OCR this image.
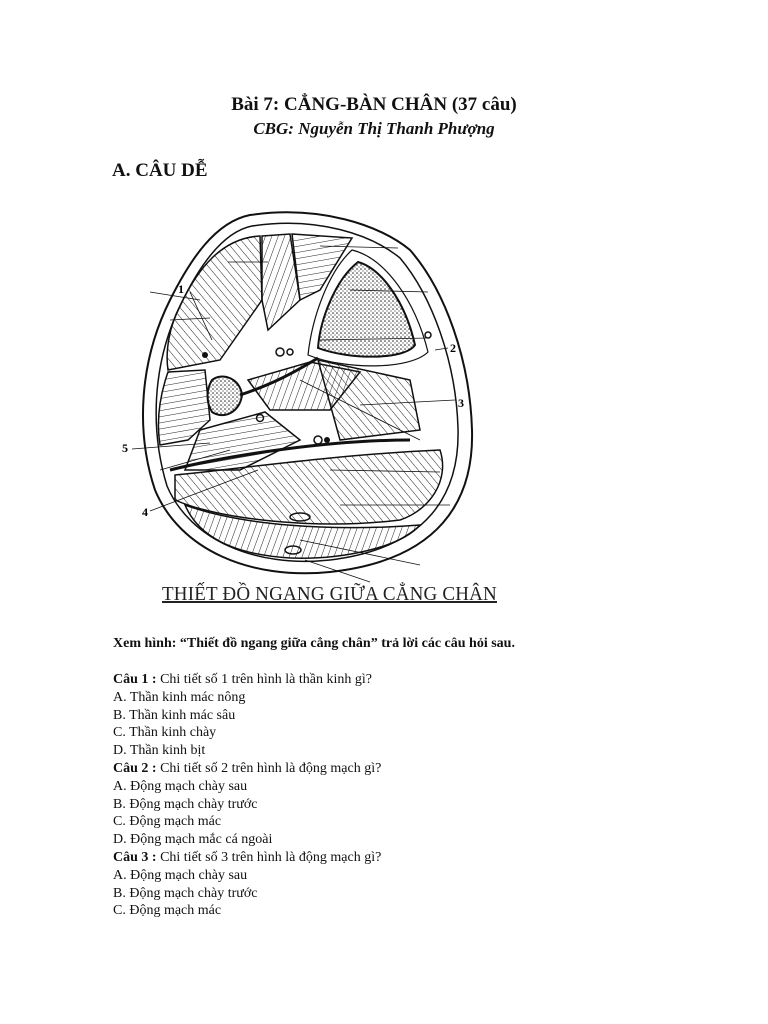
Bài 7: CẲNG-BÀN CHÂN (37 câu)
CBG: Nguyễn Thị Thanh Phượng
A. CÂU DỄ
1
2
3
4
5
THIẾT ĐỒ NGANG GIỮA CẲNG CHÂN
Xem hình: “Thiết đồ ngang giữa cẳng chân” trả lời các câu hỏi sau.
Câu 1 : Chi tiết số 1 trên hình là thần kinh gì?
A. Thần kinh mác nông
B. Thần kinh mác sâu
C. Thần kinh chày
D. Thần kinh bịt
Câu 2 : Chi tiết số 2 trên hình là động mạch gì?
A. Động mạch chày sau
B. Động mạch chày trước
C. Động mạch mác
D. Động mạch mắc cá ngoài
Câu 3 : Chi tiết số 3 trên hình là động mạch gì?
A. Động mạch chày sau
B. Động mạch chày trước
C. Động mạch mác
